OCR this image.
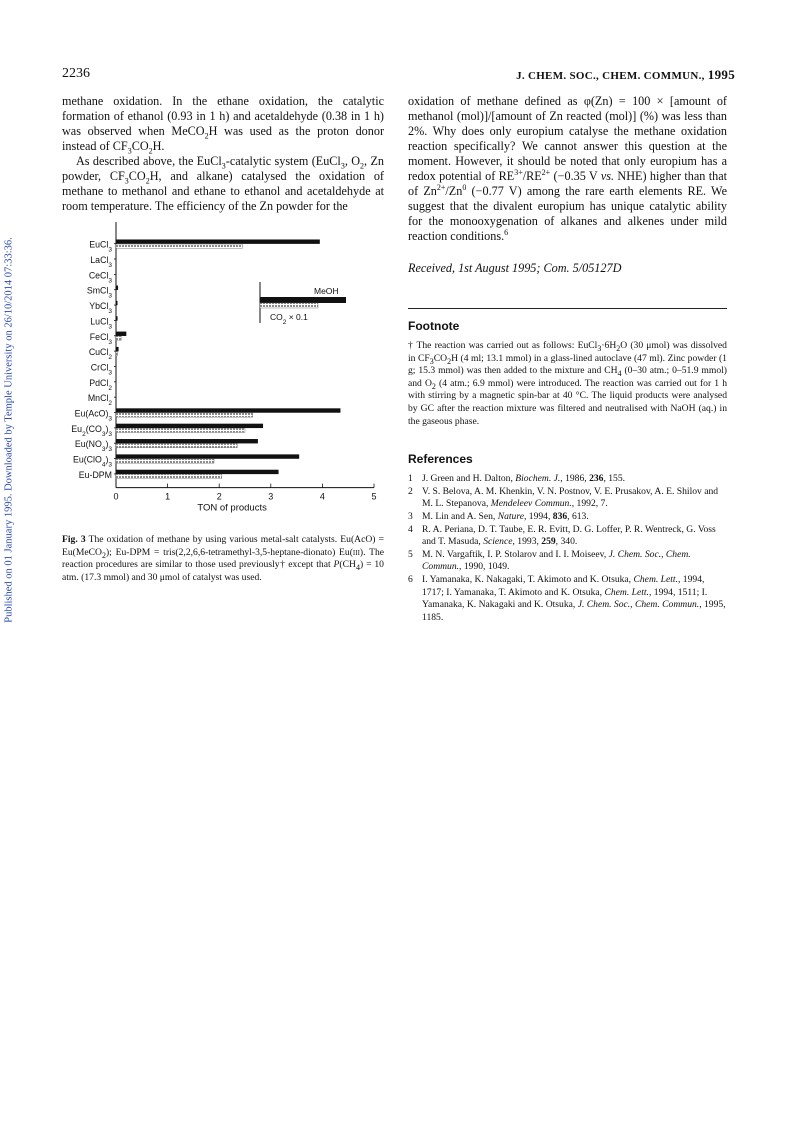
Published on 01 January 1995. Downloaded by Temple University on 26/10/2014 07:33:36.
2236	J. CHEM. SOC., CHEM. COMMUN., 1995

methane oxidation. In the ethane oxidation, the catalytic formation of ethanol (0.93 in 1 h) and acetaldehyde (0.38 in 1 h) was observed when MeCO$_2$H was used as the proton donor instead of $CF_3CO_2H$.

As described above, the EuCl$_3$-catalytic system (EuCl$_3$, $O_2$, Zn powder, $CF_3CO_2H$, and alkane) catalysed the oxidation of methane to methanol and ethane to ethanol and acetaldehyde at room temperature. The efficiency of the Zn powder for the

EuCl$_3$
LaCl$_3$
CeCl$_3$
SmCl$_3$
YbCl$_3$
LuCl$_3$
FeCl$_3$
CuCl$_2$
CrCl$_3$
PdCl$_2$
MnCl$_2$
$Eu(AcO)_3$
$Eu_2(CO_3)_3$
$Eu(NO_3)_3$
$Eu(ClO_4)_3$
Eu-DPM
0	1	2	3	4	5
TON of products
MeOH
$CO_2 \times 0.1$
Fig. 3 The oxidation of methane by using various metal-salt catalysts. Eu(AcO) = Eu(MeCO$_2$); Eu-DPM = tris(2,2,6,6-tetramethyl-3,5-heptane-dionato) Eu(iii). The reaction procedures are similar to those used previously† except that $P(CH_4) = 10$ atm. (17.3 mmol) and 30 μmol of catalyst was used.

oxidation of methane defined as φ(Zn) = 100 × [amount of methanol (mol)]/[amount of Zn reacted (mol)] (%) was less than 2%. Why does only europium catalyse the methane oxidation reaction specifically? We cannot answer this question at the moment. However, it should be noted that only europium has a redox potential of $RE^{3+}/RE^{2+}$ (−0.35 V vs. NHE) higher than that of $Zn^{2+}/Zn^0$ (−0.77 V) among the rare earth elements RE. We suggest that the divalent europium has unique catalytic ability for the monooxygenation of alkanes and alkenes under mild reaction conditions.$^6$

Received, 1st August 1995; Com. 5/05127D

Footnote
† The reaction was carried out as follows: $EuCl_3\cdot 6H_2O$ (30 μmol) was dissolved in $CF_3CO_2H$ (4 ml; 13.1 mmol) in a glass-lined autoclave (47 ml). Zinc powder (1 g; 15.3 mmol) was then added to the mixture and $CH_4$ (0–30 atm.; 0–51.9 mmol) and $O_2$ (4 atm.; 6.9 mmol) were introduced. The reaction was carried out for 1 h with stirring by a magnetic spin-bar at 40 °C. The liquid products were analysed by GC after the reaction mixture was filtered and neutralised with NaOH (aq.) in the gaseous phase.
References
1 J. Green and H. Dalton, Biochem. J., 1986, 236, 155.
2 V. S. Belova, A. M. Khenkin, V. N. Postnov, V. E. Prusakov, A. E. Shilov and M. L. Stepanova, Mendeleev Commun., 1992, 7.
3 M. Lin and A. Sen, Nature, 1994, 836, 613.
4 R. A. Periana, D. T. Taube, E. R. Evitt, D. G. Loffer, P. R. Wentreck, G. Voss and T. Masuda, Science, 1993, 259, 340.
5 M. N. Vargaftik, I. P. Stolarov and I. I. Moiseev, J. Chem. Soc., Chem. Commun., 1990, 1049.
6 I. Yamanaka, K. Nakagaki, T. Akimoto and K. Otsuka, Chem. Lett., 1994, 1717; I. Yamanaka, T. Akimoto and K. Otsuka, Chem. Lett., 1994, 1511; I. Yamanaka, K. Nakagaki and K. Otsuka, J. Chem. Soc., Chem. Commun., 1995, 1185.
